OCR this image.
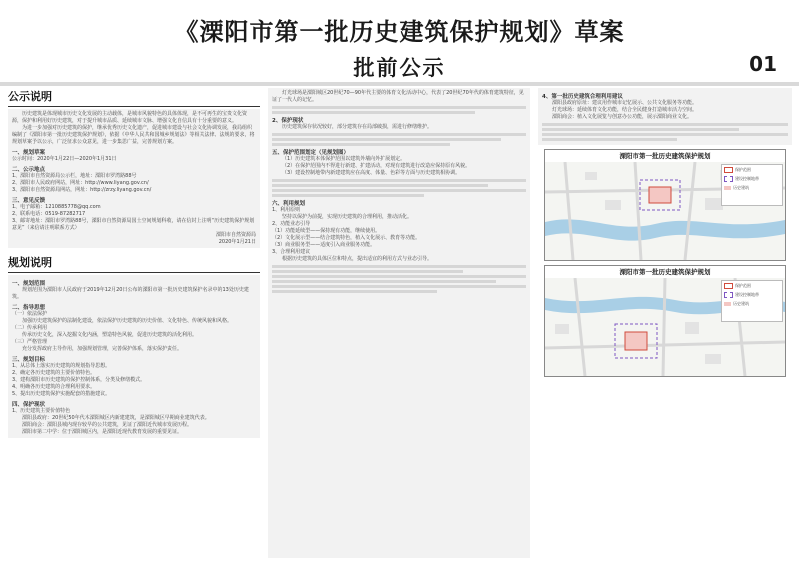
《溧阳市第一批历史建筑保护规划》草案
批前公示	01
公示说明
历史建筑是体现城市历史文化发展的主动载体，是城市风貌特色的具体体现，是不可再生的宝贵文化资源，保护和利用好历史建筑，对于提升城市品质、延续城市文脉、增强文化自信具有十分重要的意义。
为进一步加强对历史建筑的保护，继承优秀历史文化遗产，促进城市建设与社会文化协调发展，我局组织编制了《溧阳市第一批历史建筑保护规划》，依据《中华人民共和国城乡规划法》等相关法律、法规的要求，将规划草案予以公示，广泛征求公众意见，进一步集思广益，完善规划方案。
一、规划草案
公示时间：2020年1月22日—2020年1月31日
二、公示地点
1、溧阳市自然资源局公示栏，地址：溧阳市罗湾路88号
2、溧阳市人民政府网站，网址：http://www.liyang.gov.cn/
3、溧阳市自然资源局网站，网址：http://zrzy.liyang.gov.cn/
三、意见反馈
1、电子邮箱：1210885778@qq.com
2、联系电话：0519-87282717
3、邮寄地址：溧阳市罗湾路88号，溧阳市自然资源局国土空间规划科收，请在信封上注明“历史建筑保护规划意见”（来信请注明联系方式）
溧阳市自然资源局
2020年1月21日
规划说明
一、规划范围
规划范围为溧阳市人民政府于2019年12月20日公布的溧阳市第一批历史建筑保护名录中的13处历史建筑。
二、指导思想
（一）依法保护
加强历史建筑保护的法制化建设，依法保护历史建筑的历史价值、文化特色、传统风貌和风格。
（二）传承利用
传承历史文化，深入挖掘文化内涵，塑造特色风貌，促进历史建筑的活化利用。
（三）严格管理
充分发挥政府主导作用，加强规划管理，完善保护体系，落实保护责任。
三、规划目标
1、从总体上落实历史建筑的规划指导思想。
2、确定各历史建筑的主要价值特色。
3、建构溧阳市历史建筑的保护控制体系，分类及修缮模式。
4、明确各历史建筑的合理利用要求。
5、提出历史建筑保护实施配套的措施建议。
四、保护现状
1、历史建筑主要价值特色
溧阳县政府：20世纪50年代木溧阳城区内新建建筑，是溧阳城区早期商业建筑代表。
溧阳商会：溧阳县城内现存较早的公共建筑，见证了溧阳近代城市发展历程。
溧阳市第二中学：位于溧阳城区内，是溧阳近现代教育发展的重要见证。
灯光球场是溧阳城区20世纪70—90年代主要的体育文化活动中心，代表了20世纪70年代的体育建筑特征，见证了一代人的记忆。
2、保护现状
历史建筑保存状况较好，部分建筑存在局部破损，需进行修缮维护。
五、保护范围划定（见规划图）
（1）历史建筑本体保护范围以建筑外墙向外扩展划定。
（2）在保护范围内不得进行新建、扩建活动，对现有建筑进行改造应保持原有风貌。
（3）建设控制地带内新建建筑应在高度、体量、色彩等方面与历史建筑相协调。
六、利用规划
1、利用原则
坚持以保护为前提，实现历史建筑的合理利用，推动活化。
2、功能业态引导
（1）功能延续型——保持现有功能，继续使用。
（2）文化展示型——结合建筑特色，植入文化展示、教育等功能。
（3）商业服务型——适度引入商业服务功能。
3、合理利用建议
根据历史建筑的具体区位和特点，提出适宜的利用方式与业态引导。
4、第一批历史建筑合理利用建议
溧阳县政府原址：建议用作城市记忆展示、公共文化服务等功能。
灯光球场：延续体育文化功能，结合全民健身打造城市活力空间。
溧阳商会：植入文化展览与创意办公功能，展示溧阳商业文化。
溧阳市第一批历史建筑保护规划
保护范围
建设控制地带
历史建筑
溧阳市第一批历史建筑保护规划
保护范围
建设控制地带
历史建筑
